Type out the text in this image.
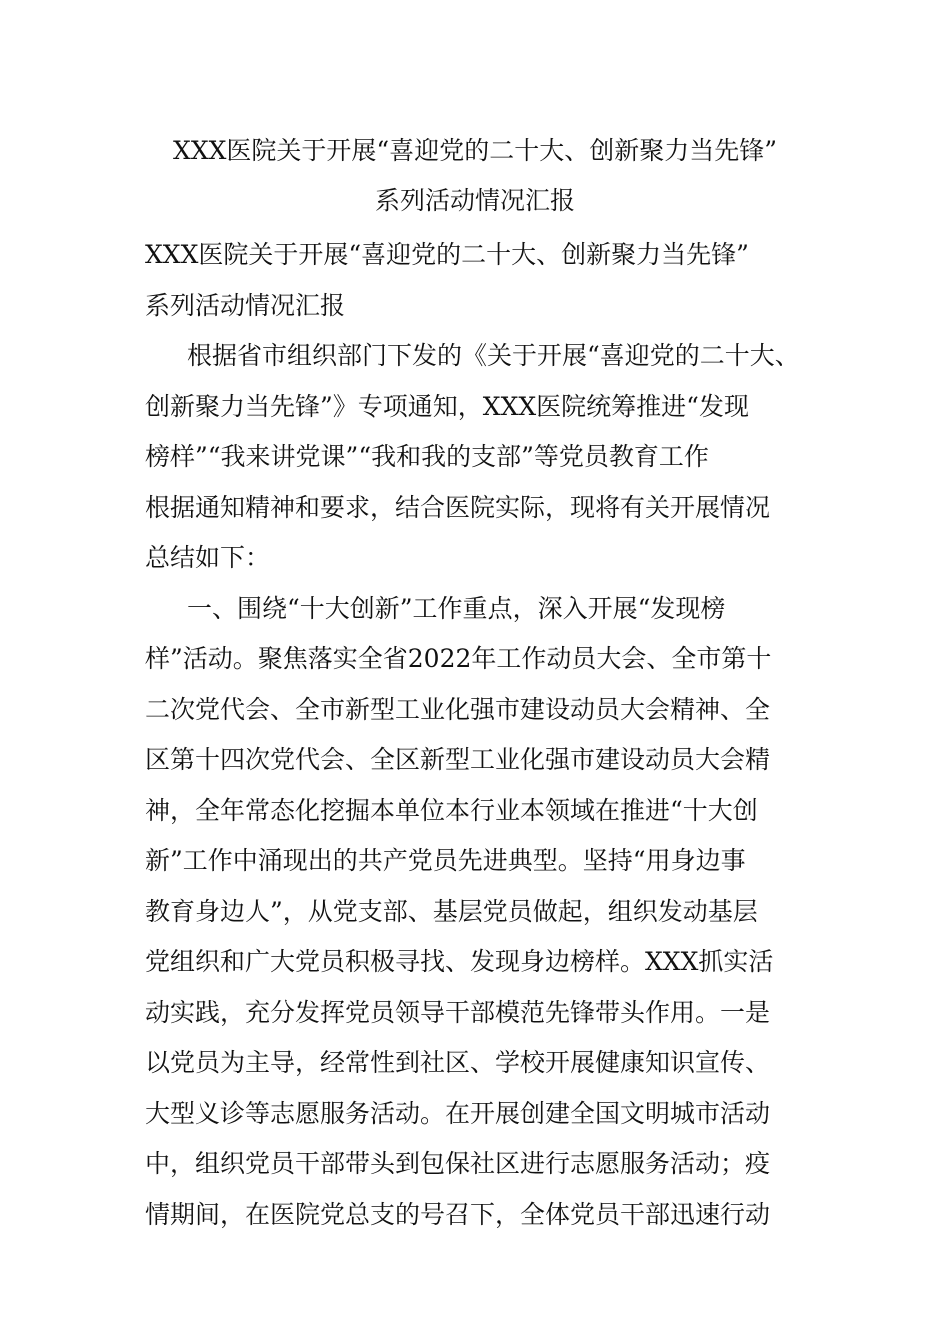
XXX医院关于开展“喜迎党的二十大、创新聚力当先锋”
系列活动情况汇报
XXX医院关于开展“喜迎党的二十大、创新聚力当先锋”
系列活动情况汇报
根据省市组织部门下发的《关于开展“喜迎党的二十大、
创新聚力当先锋”》专项通知，XXX医院统筹推进“发现
榜样”“我来讲党课”“我和我的支部”等党员教育工作
根据通知精神和要求，结合医院实际，现将有关开展情况
总结如下：
一、围绕“十大创新”工作重点，深入开展“发现榜
样”活动。聚焦落实全省2022年工作动员大会、全市第十
二次党代会、全市新型工业化强市建设动员大会精神、全
区第十四次党代会、全区新型工业化强市建设动员大会精
神，全年常态化挖掘本单位本行业本领域在推进“十大创
新”工作中涌现出的共产党员先进典型。坚持“用身边事
教育身边人”，从党支部、基层党员做起，组织发动基层
党组织和广大党员积极寻找、发现身边榜样。XXX抓实活
动实践，充分发挥党员领导干部模范先锋带头作用。一是
以党员为主导，经常性到社区、学校开展健康知识宣传、
大型义诊等志愿服务活动。在开展创建全国文明城市活动
中，组织党员干部带头到包保社区进行志愿服务活动；疫
情期间，在医院党总支的号召下，全体党员干部迅速行动
